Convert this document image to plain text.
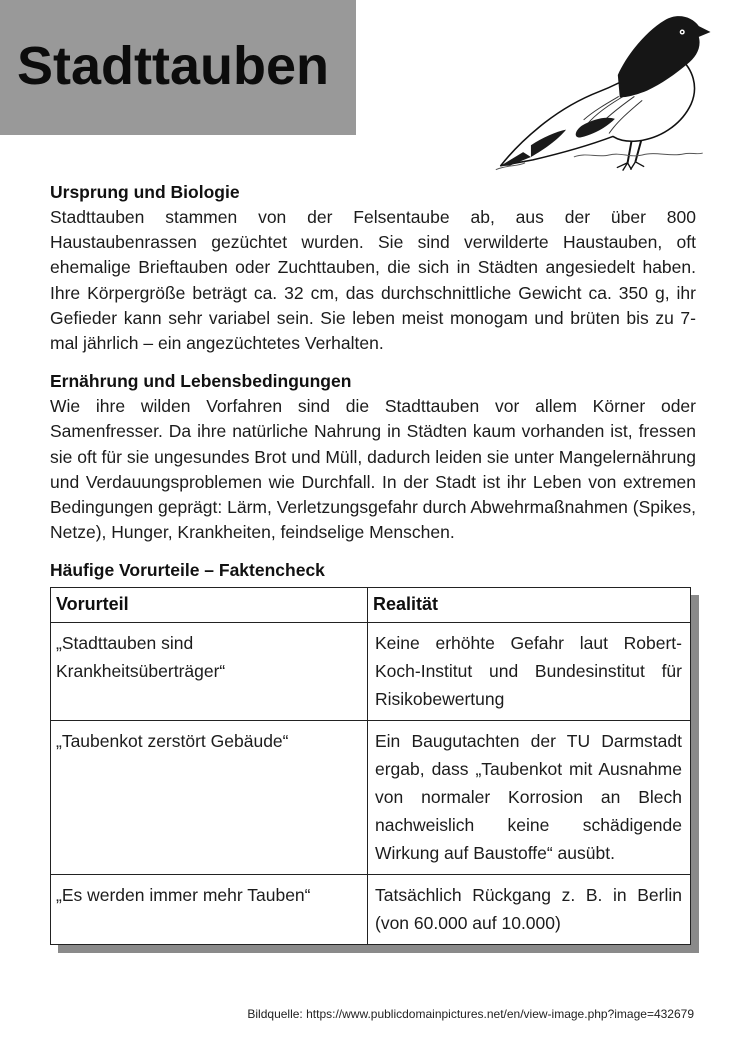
Stadttauben
Ursprung und Biologie

Stadttauben stammen von der Felsentaube ab, aus der über 800 Haustaubenrassen gezüchtet wurden. Sie sind verwilderte Haustauben, oft ehemalige Brieftauben oder Zuchttauben, die sich in Städten angesiedelt haben. Ihre Körpergröße beträgt ca. 32 cm, das durchschnittliche Gewicht ca. 350 g, ihr Gefieder kann sehr variabel sein. Sie leben meist monogam und brüten bis zu 7-mal jährlich – ein angezüchtetes Verhalten.

Ernährung und Lebensbedingungen

Wie ihre wilden Vorfahren sind die Stadttauben vor allem Körner oder Samenfresser. Da ihre natürliche Nahrung in Städten kaum vorhanden ist, fressen sie oft für sie ungesundes Brot und Müll, dadurch leiden sie unter Mangelernährung und Verdauungsproblemen wie Durchfall. In der Stadt ist ihr Leben von extremen Bedingungen geprägt: Lärm, Verletzungsgefahr durch Abwehrmaßnahmen (Spikes, Netze), Hunger, Krankheiten, feindselige Menschen.

Häufige Vorurteile – Faktencheck
Vorurteil	Realität
„Stadttauben sind Krankheitsüberträger“	Keine erhöhte Gefahr laut Robert-Koch-Institut und Bundesinstitut für Risikobewertung
„Taubenkot zerstört Gebäude“	Ein Baugutachten der TU Darmstadt ergab, dass „Taubenkot mit Ausnahme von normaler Korrosion an Blech nachweislich keine schädigende Wirkung auf Baustoffe“ ausübt.
„Es werden immer mehr Tauben“	Tatsächlich Rückgang z. B. in Berlin (von 60.000 auf 10.000)
Bildquelle: https://www.publicdomainpictures.net/en/view-image.php?image=432679
